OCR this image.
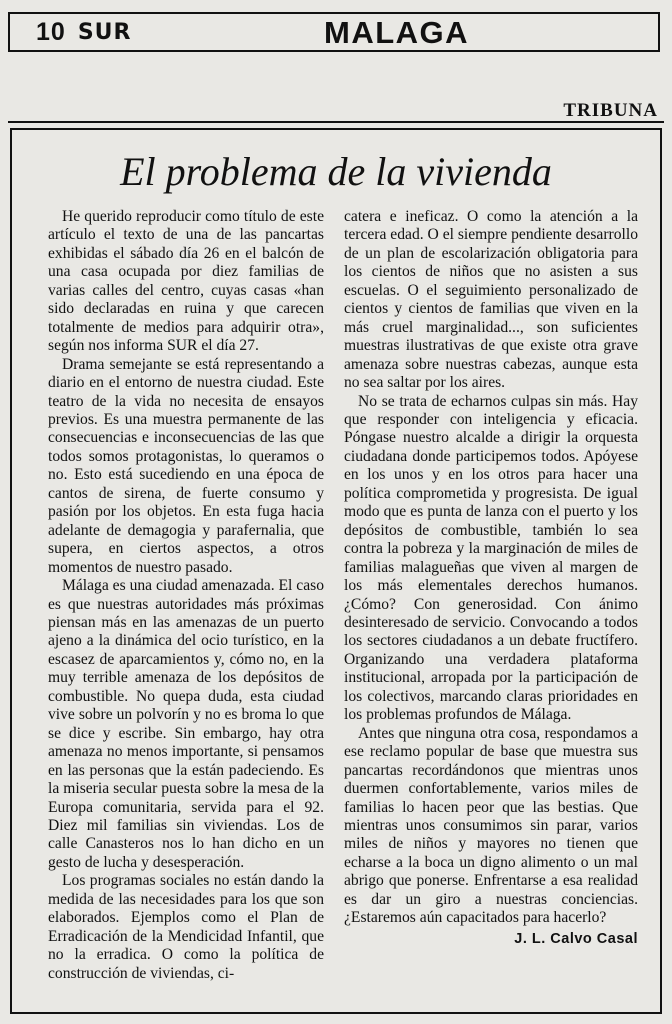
10 SUR	MALAGA
TRIBUNA
El problema de la vivienda

He querido reproducir como título de este artículo el texto de una de las pancartas exhibidas el sábado día 26 en el balcón de una casa ocupada por diez familias de varias calles del centro, cuyas casas «han sido declaradas en ruina y que carecen totalmente de medios para adquirir otra», según nos informa SUR el día 27.

Drama semejante se está representando a diario en el entorno de nuestra ciudad. Este teatro de la vida no necesita de ensayos previos. Es una muestra permanente de las consecuencias e inconsecuencias de las que todos somos protagonistas, lo queramos o no. Esto está sucediendo en una época de cantos de sirena, de fuerte consumo y pasión por los objetos. En esta fuga hacia adelante de demagogia y parafernalia, que supera, en ciertos aspectos, a otros momentos de nuestro pasado.

Málaga es una ciudad amenazada. El caso es que nuestras autoridades más próximas piensan más en las amenazas de un puerto ajeno a la dinámica del ocio turístico, en la escasez de aparcamientos y, cómo no, en la muy terrible amenaza de los depósitos de combustible. No quepa duda, esta ciudad vive sobre un polvorín y no es broma lo que se dice y escribe. Sin embargo, hay otra amenaza no menos importante, si pensamos en las personas que la están padeciendo. Es la miseria secular puesta sobre la mesa de la Europa comunitaria, servida para el 92. Diez mil familias sin viviendas. Los de calle Canasteros nos lo han dicho en un gesto de lucha y desesperación.

Los programas sociales no están dando la medida de las necesidades para los que son elaborados. Ejemplos como el Plan de Erradicación de la Mendicidad Infantil, que no la erradica. O como la política de construcción de viviendas, ci-

catera e ineficaz. O como la atención a la tercera edad. O el siempre pendiente desarrollo de un plan de escolarización obligatoria para los cientos de niños que no asisten a sus escuelas. O el seguimiento personalizado de cientos y cientos de familias que viven en la más cruel marginalidad..., son suficientes muestras ilustrativas de que existe otra grave amenaza sobre nuestras cabezas, aunque esta no sea saltar por los aires.

No se trata de echarnos culpas sin más. Hay que responder con inteligencia y eficacia. Póngase nuestro alcalde a dirigir la orquesta ciudadana donde participemos todos. Apóyese en los unos y en los otros para hacer una política comprometida y progresista. De igual modo que es punta de lanza con el puerto y los depósitos de combustible, también lo sea contra la pobreza y la marginación de miles de familias malagueñas que viven al margen de los más elementales derechos humanos. ¿Cómo? Con generosidad. Con ánimo desinteresado de servicio. Convocando a todos los sectores ciudadanos a un debate fructífero. Organizando una verdadera plataforma institucional, arropada por la participación de los colectivos, marcando claras prioridades en los problemas profundos de Málaga.

Antes que ninguna otra cosa, respondamos a ese reclamo popular de base que muestra sus pancartas recordándonos que mientras unos duermen confortablemente, varios miles de familias lo hacen peor que las bestias. Que mientras unos consumimos sin parar, varios miles de niños y mayores no tienen que echarse a la boca un digno alimento o un mal abrigo que ponerse. Enfrentarse a esa realidad es dar un giro a nuestras conciencias. ¿Estaremos aún capacitados para hacerlo?

J. L. Calvo Casal
